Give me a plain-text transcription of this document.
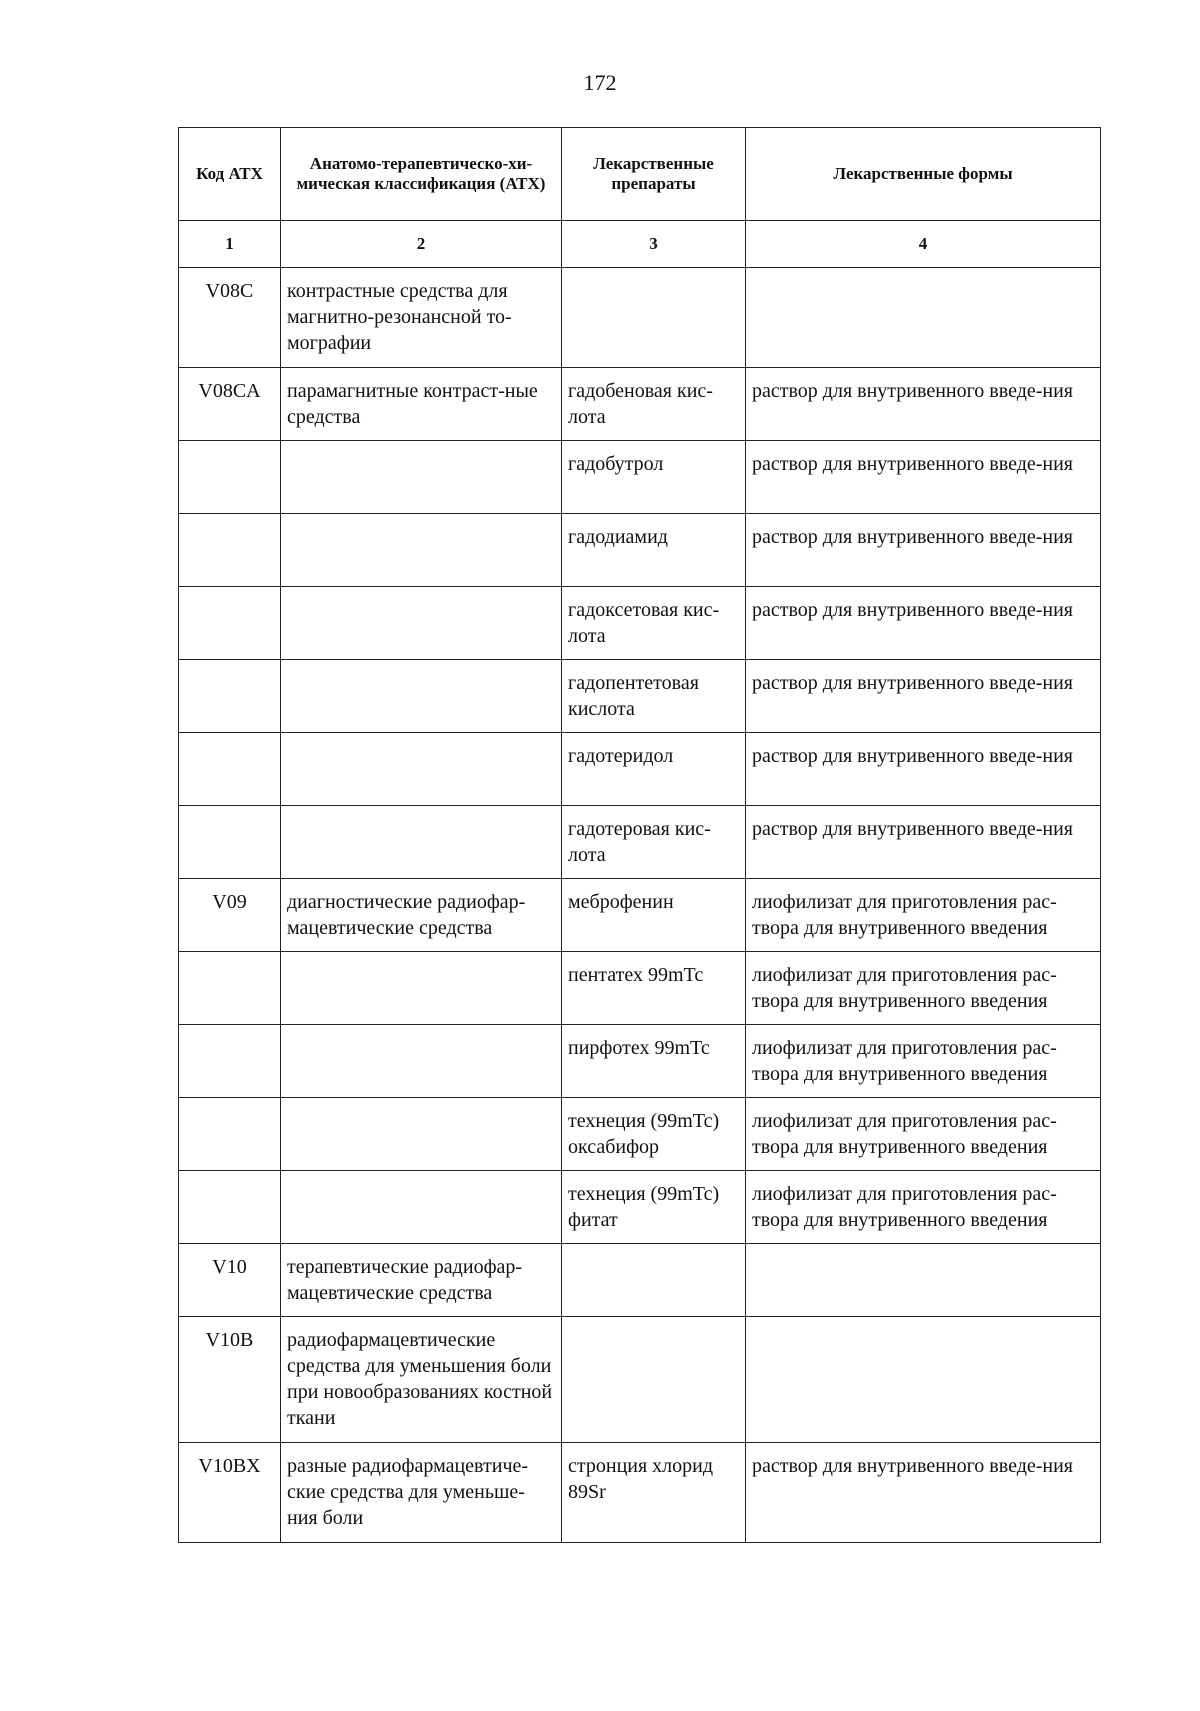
172
Код АТХ	Анатомо-терапевтическо-хи-мическая классификация (АТХ)	Лекарственные препараты	Лекарственные формы
1	2	3	4
V08C	контрастные средства для магнитно-резонансной то-мографии		
V08CA	парамагнитные контраст-ные средства	гадобеновая кис-лота	раствор для внутривенного введе-ния
		гадобутрол	раствор для внутривенного введе-ния
		гадодиамид	раствор для внутривенного введе-ния
		гадоксетовая кис-лота	раствор для внутривенного введе-ния
		гадопентетовая кислота	раствор для внутривенного введе-ния
		гадотеридол	раствор для внутривенного введе-ния
		гадотеровая кис-лота	раствор для внутривенного введе-ния
V09	диагностические радиофар-мацевтические средства	меброфенин	лиофилизат для приготовления рас-твора для внутривенного введения
		пентатех 99mTc	лиофилизат для приготовления рас-твора для внутривенного введения
		пирфотех 99mTc	лиофилизат для приготовления рас-твора для внутривенного введения
		технеция (99mTc) оксабифор	лиофилизат для приготовления рас-твора для внутривенного введения
		технеция (99mTc) фитат	лиофилизат для приготовления рас-твора для внутривенного введения
V10	терапевтические радиофар-мацевтические средства		
V10B	радиофармацевтические средства для уменьшения боли при новообразованиях костной ткани		
V10BX	разные радиофармацевтиче-ские средства для уменьше-ния боли	стронция хлорид 89Sr	раствор для внутривенного введе-ния
